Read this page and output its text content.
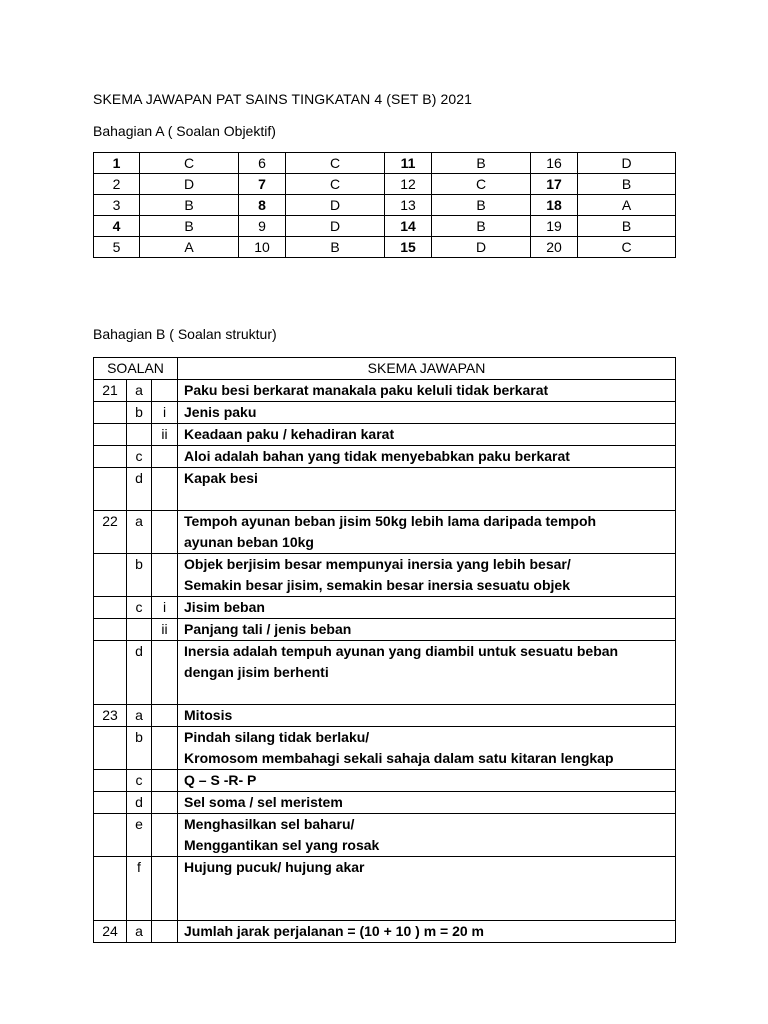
SKEMA JAWAPAN PAT SAINS TINGKATAN 4 (SET B) 2021
Bahagian A ( Soalan Objektif)
1	C	6	C	11	B	16	D
2	D	7	C	12	C	17	B
3	B	8	D	13	B	18	A
4	B	9	D	14	B	19	B
5	A	10	B	15	D	20	C
Bahagian B ( Soalan struktur)
SOALAN			SKEMA JAWAPAN
21	a		Paku besi berkarat manakala paku keluli tidak berkarat

	b	i	Jenis paku

		ii	Keadaan paku / kehadiran karat

	c		Aloi adalah bahan yang tidak menyebabkan paku berkarat

	d		Kapak besi

22	a		Tempoh ayunan beban jisim 50kg lebih lama daripada tempoh
ayunan beban 10kg

	b		Objek berjisim besar mempunyai inersia yang lebih besar/
Semakin besar jisim, semakin besar inersia sesuatu objek

	c	i	Jisim beban

		ii	Panjang tali / jenis beban

	d		Inersia adalah tempuh ayunan yang diambil untuk sesuatu beban
dengan jisim berhenti

23	a		Mitosis

	b		Pindah silang tidak berlaku/
Kromosom membahagi sekali sahaja dalam satu kitaran lengkap

	c		Q – S -R- P

	d		Sel soma / sel meristem

	e		Menghasilkan sel baharu/
Menggantikan sel yang rosak

	f		Hujung pucuk/ hujung akar

24	a		Jumlah jarak perjalanan = (10 + 10 ) m = 20 m
